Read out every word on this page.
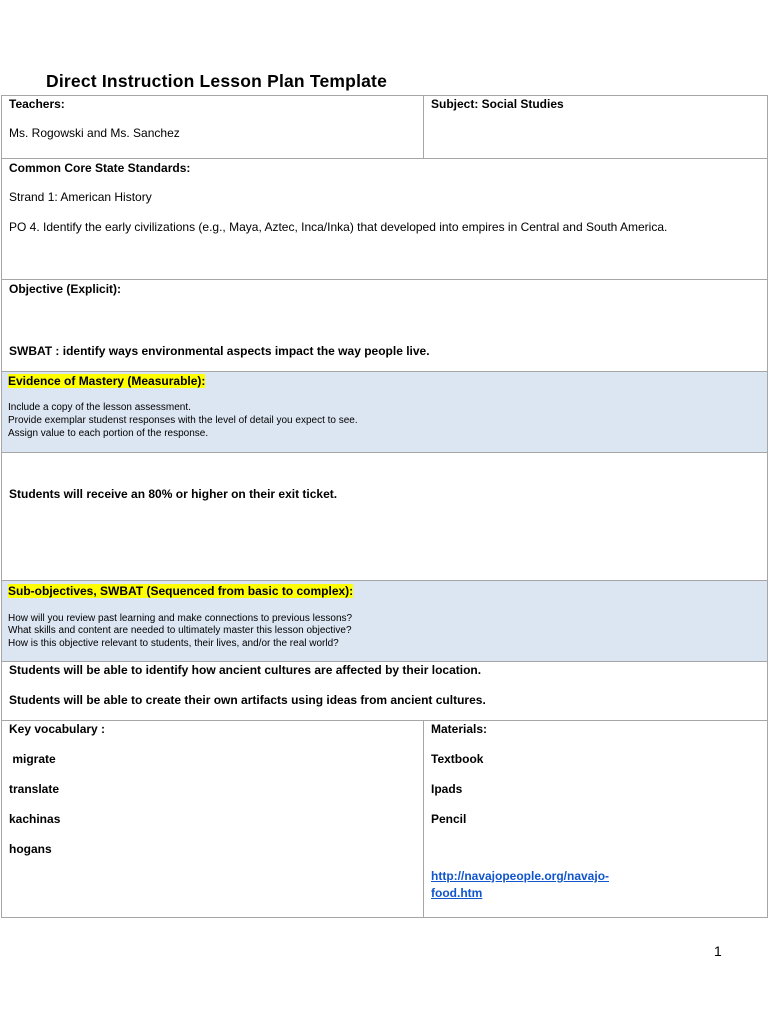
Direct Instruction Lesson Plan Template
Teachers:
Ms. Rogowski and Ms. Sanchez
Subject: Social Studies
Common Core State Standards:
Strand 1: American History
PO 4. Identify the early civilizations (e.g., Maya, Aztec, Inca/Inka) that developed into empires in Central and South America.
Objective (Explicit):
SWBAT : identify ways environmental aspects impact the way people live.
Evidence of Mastery (Measurable):
Include a copy of the lesson assessment.
Provide exemplar studenst responses with the level of detail you expect to see.
Assign value to each portion of the response.
Students will receive an 80% or higher on their exit ticket.
Sub-objectives, SWBAT (Sequenced from basic to complex):
How will you review past learning and make connections to previous lessons?
What skills and content are needed to ultimately master this lesson objective?
How is this objective relevant to students, their lives, and/or the real world?
Students will be able to identify how ancient cultures are affected by their location.
Students will be able to create their own artifacts using ideas from ancient cultures.
Key vocabulary :
migrate
translate
kachinas
hogans
Materials:
Textbook
Ipads
Pencil
http://navajopeople.org/navajo-
food.htm
1
